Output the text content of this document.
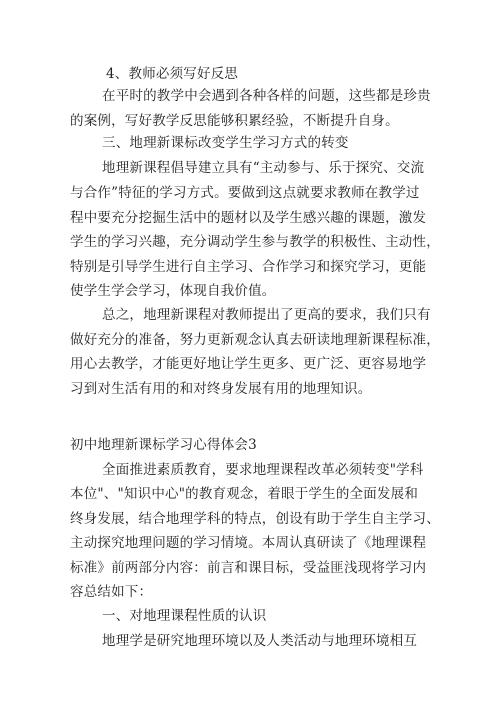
4、教师必须写好反思
在平时的教学中会遇到各种各样的问题，这些都是珍贵
的案例，写好教学反思能够积累经验，不断提升自身。
三、地理新课标改变学生学习方式的转变
地理新课程倡导建立具有“主动参与、乐于探究、交流
与合作”特征的学习方式。要做到这点就要求教师在教学过
程中要充分挖掘生活中的题材以及学生感兴趣的课题，激发
学生的学习兴趣，充分调动学生参与教学的积极性、主动性，
特别是引导学生进行自主学习、合作学习和探究学习，更能
使学生学会学习，体现自我价值。
总之，地理新课程对教师提出了更高的要求，我们只有
做好充分的准备，努力更新观念认真去研读地理新课程标准，
用心去教学，才能更好地让学生更多、更广泛、更容易地学
习到对生活有用的和对终身发展有用的地理知识。
初中地理新课标学习心得体会3
全面推进素质教育，要求地理课程改革必须转变"学科
本位"、"知识中心"的教育观念，着眼于学生的全面发展和
终身发展，结合地理学科的特点，创设有助于学生自主学习、
主动探究地理问题的学习情境。本周认真研读了《地理课程
标准》前两部分内容：前言和课目标，受益匪浅现将学习内
容总结如下：
一、对地理课程性质的认识
地理学是研究地理环境以及人类活动与地理环境相互
